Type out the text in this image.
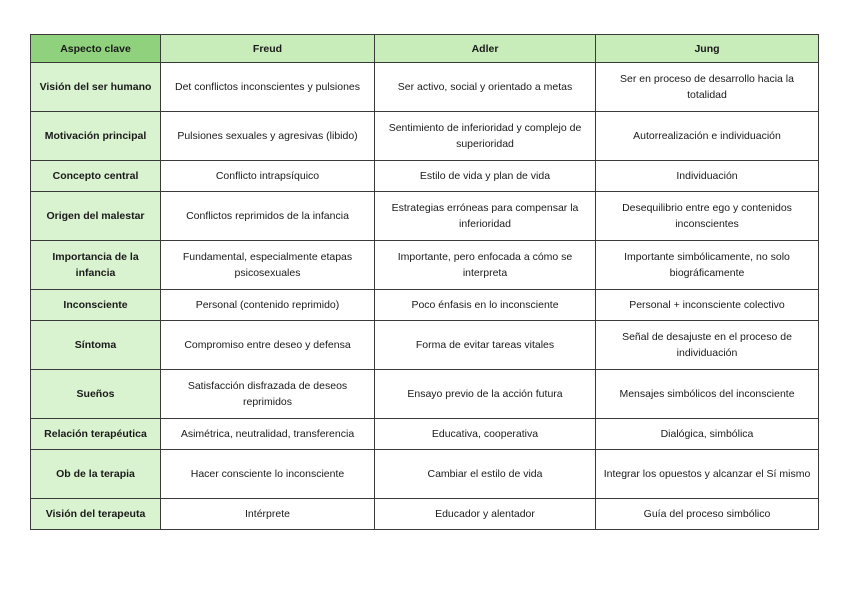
Aspecto clave	Freud	Adler	Jung
Visión del ser humano	Det conflictos inconscientes y pulsiones	Ser activo, social y orientado a metas	Ser en proceso de desarrollo hacia la totalidad
Motivación principal	Pulsiones sexuales y agresivas (libido)	Sentimiento de inferioridad y complejo de superioridad	Autorrealización e individuación
Concepto central	Conflicto intrapsíquico	Estilo de vida y plan de vida	Individuación
Origen del malestar	Conflictos reprimidos de la infancia	Estrategias erróneas para compensar la inferioridad	Desequilibrio entre ego y contenidos inconscientes
Importancia de la infancia	Fundamental, especialmente etapas psicosexuales	Importante, pero enfocada a cómo se interpreta	Importante simbólicamente, no solo biográficamente
Inconsciente	Personal (contenido reprimido)	Poco énfasis en lo inconsciente	Personal + inconsciente colectivo
Síntoma	Compromiso entre deseo y defensa	Forma de evitar tareas vitales	Señal de desajuste en el proceso de individuación
Sueños	Satisfacción disfrazada de deseos reprimidos	Ensayo previo de la acción futura	Mensajes simbólicos del inconsciente
Relación terapéutica	Asimétrica, neutralidad, transferencia	Educativa, cooperativa	Dialógica, simbólica
Ob de la terapia	Hacer consciente lo inconsciente	Cambiar el estilo de vida	Integrar los opuestos y alcanzar el Sí mismo
Visión del terapeuta	Intérprete	Educador y alentador	Guía del proceso simbólico
